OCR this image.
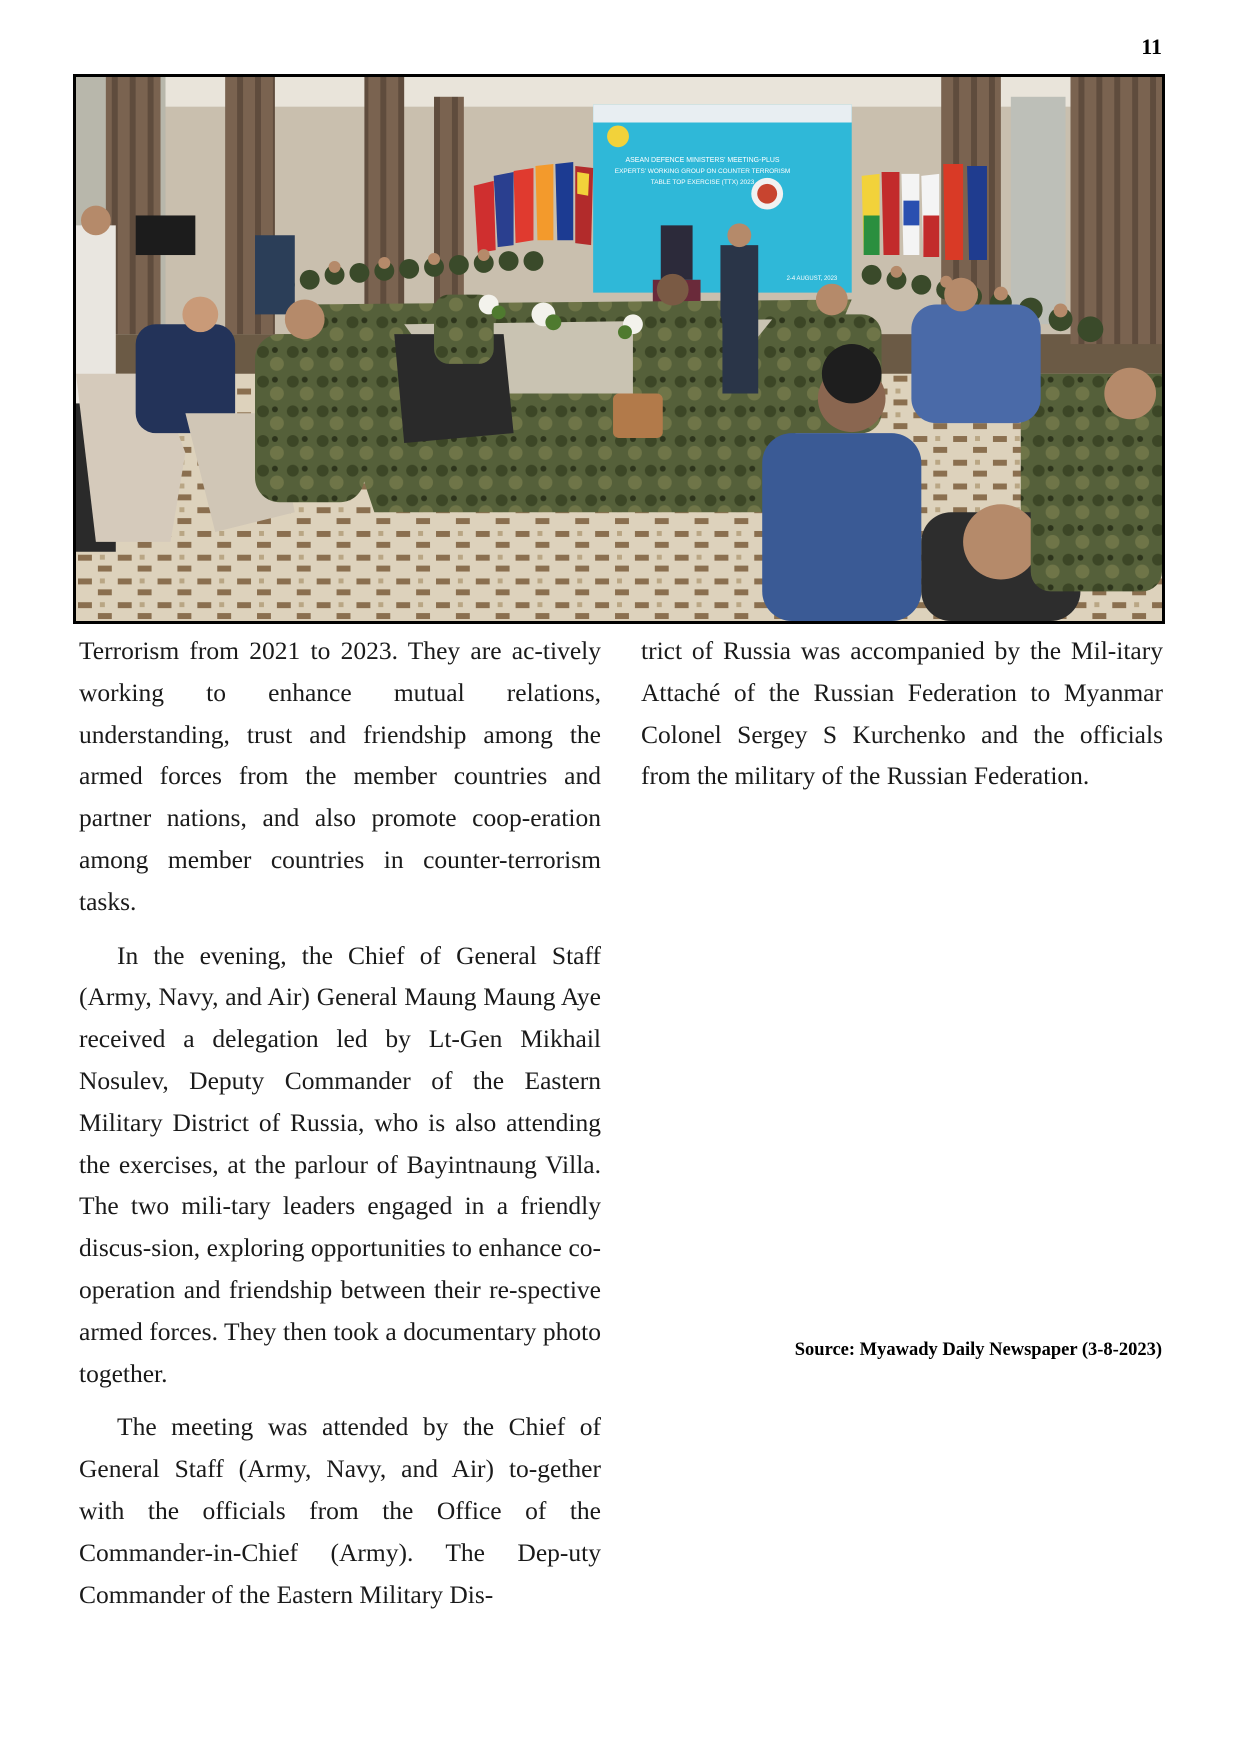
11
ASEAN DEFENCE MINISTERS' MEETING-PLUS
EXPERTS' WORKING GROUP ON COUNTER TERRORISM
TABLE TOP EXERCISE (TTX) 2023
2-4 AUGUST, 2023

Terrorism from 2021 to 2023. They are ac-tively working to enhance mutual relations, understanding, trust and friendship among the armed forces from the member countries and partner nations, and also promote coop-eration among member countries in counter-terrorism tasks.

In the evening, the Chief of General Staff (Army, Navy, and Air) General Maung Maung Aye received a delegation led by Lt-Gen Mikhail Nosulev, Deputy Commander of the Eastern Military District of Russia, who is also attending the exercises, at the parlour of Bayintnaung Villa. The two mili-tary leaders engaged in a friendly discus-sion, exploring opportunities to enhance co-operation and friendship between their re-spective armed forces. They then took a documentary photo together.

The meeting was attended by the Chief of General Staff (Army, Navy, and Air) to-gether with the officials from the Office of the Commander-in-Chief (Army). The Dep-uty Commander of the Eastern Military Dis-

trict of Russia was accompanied by the Mil-itary Attaché of the Russian Federation to Myanmar Colonel Sergey S Kurchenko and the officials from the military of the Russian Federation.

Source: Myawady Daily Newspaper (3-8-2023)
